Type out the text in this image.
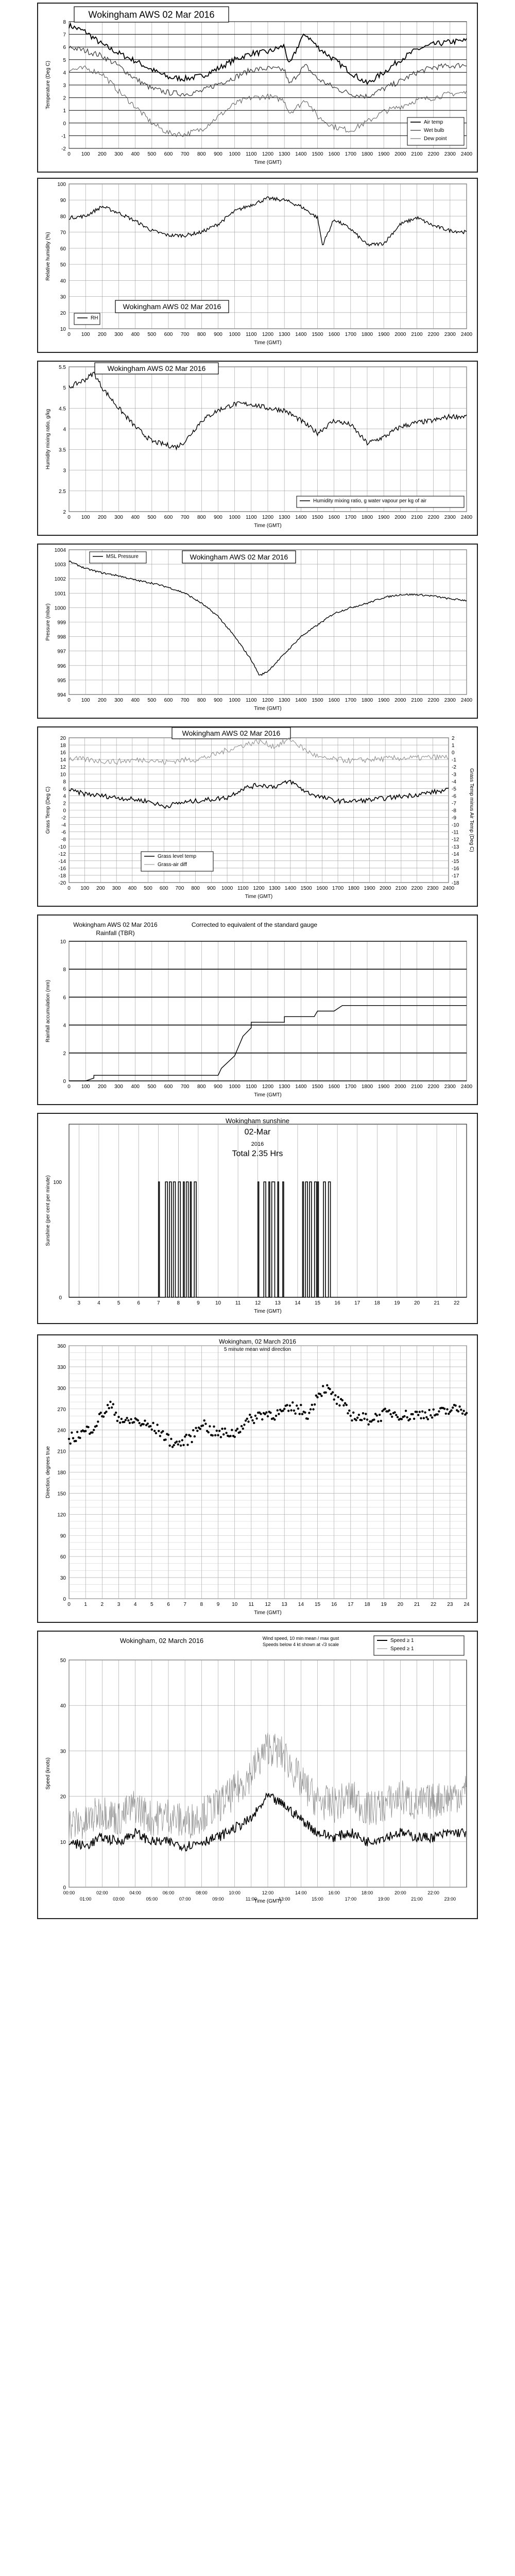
0 100 200 300 400 500 600 700 800 900 1000 1100 1200 1300 1400 1500 1600 1700 1800 1900 2000 2100 2200 2300 2400
-2
-1
0
1
2
3
4
5
6
7
8
Time (GMT)
Temperature (Deg C)
Wokingham AWS 02 Mar 2016
Air temp
Wet bulb
Dew point
0 100 200 300 400 500 600 700 800 900 1000 1100 1200 1300 1400 1500 1600 1700 1800 1900 2000 2100 2200 2300 2400
10
20
30
40
50
60
70
80
90
100
Time (GMT)
Relative humidity (%)
RH
Wokingham AWS 02 Mar 2016
0 100 200 300 400 500 600 700 800 900 1000 1100 1200 1300 1400 1500 1600 1700 1800 1900 2000 2100 2200 2300 2400
2
2.5
3
3.5
4
4.5
5
5.5
Time (GMT)
Humidity mixing ratio, g/kg
Wokingham AWS 02 Mar 2016
Humidity mixing ratio, g water vapour per kg of air
0 100 200 300 400 500 600 700 800 900 1000 1100 1200 1300 1400 1500 1600 1700 1800 1900 2000 2100 2200 2300 2400
994
995
996
997
998
999
1000
1001
1002
1003
1004
Time (GMT)
Pressure (mbar)
MSL Pressure	Wokingham AWS 02 Mar 2016
0 100 200 300 400 500 600 700 800 900 1000 1100 1200 1300 1400 1500 1600 1700 1800 1900 2000 2100 2200 2300 2400
-20
-18
-16
-14
-12
-10
-8
-6
-4
-2
0
2
4
6
8
10
12
14
16
18
20
Time (GMT)
Grass Temp (Deg C)
-18
-17
-16
-15
-14
-13
-12
-11
-10
-9
-8
-7
-6
-5
-4
-3
-2
-1
0
1
2
Grass Temp minus Air Temp (Deg C)
Wokingham AWS 02 Mar 2016
Grass level temp
Grass-air diff
0 100 200 300 400 500 600 700 800 900 1000 1100 1200 1300 1400 1500 1600 1700 1800 1900 2000 2100 2200 2300 2400
0
2
4
6
8
10
Time (GMT)
Rainfall accumulation (mm)
Wokingham AWS 02 Mar 2016	Corrected to equivalent of the standard gauge
Rainfall (TBR)
3	4	5	6	7	8	9	10	11	12	13	14	15	16	17	18	19	20	21	22
Time (GMT)
Sunshine (per cent per minute)
Wokingham sunshine
02-Mar
2016
Total 2.35 Hrs
100
0
0	1	2	3	4	5	6	7	8	9 10 11 12 13 14 15 16 17 18 19 20 21 22 23 24
0
30
60
90
120
150
180
210
240
270
300
330
360
Time (GMT)
Direction, degrees true
Wokingham, 02 March 2016
5 minute mean wind direction
0
10
20
30
40
50
Time (GMT)
Speed (knots)
00:00
01:00
02:00
03:00
04:00
05:00
06:00
07:00
08:00
09:00
10:00
11:00
12:00
13:00
14:00
15:00
16:00
17:00
18:00
19:00
20:00
21:00
22:00
23:00
Wokingham, 02 March 2016	Wind speed, 10 min mean / max gust
Speeds below 4 kt shown at √3 scale
Speed ≥ 1
Speed ≥ 1
